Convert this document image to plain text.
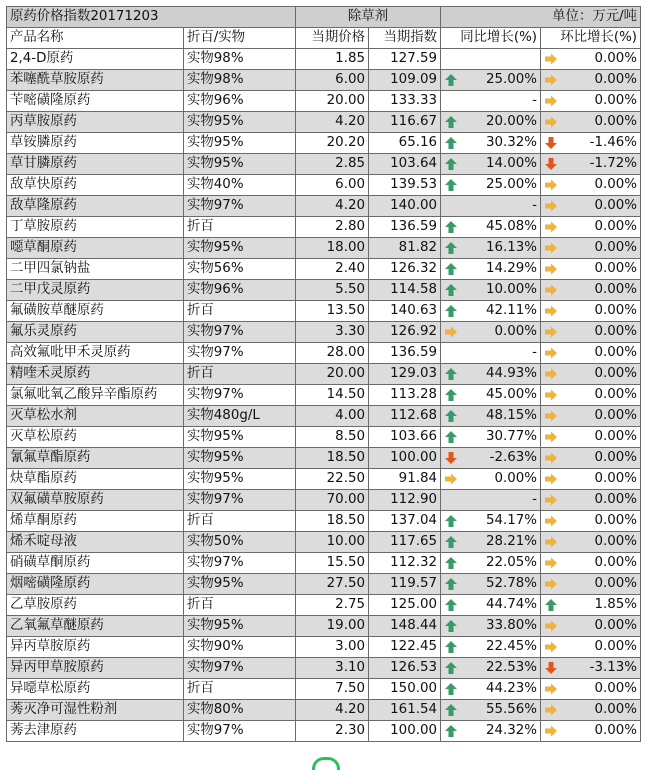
原药价格指数20171203		除草剂		单位：万元/吨	
产品名称	折百/实物	当期价格	当期指数	同比增长(%)	环比增长(%)
2,4-D原药	实物98%	1.85	127.59		0.00%
苯噻酰草胺原药	实物98%	6.00	109.09	25.00%	0.00%
苄嘧磺隆原药	实物96%	20.00	133.33	-	0.00%
丙草胺原药	实物95%	4.20	116.67	20.00%	0.00%
草铵膦原药	实物95%	20.20	65.16	30.32%	-1.46%
草甘膦原药	实物95%	2.85	103.64	14.00%	-1.72%
敌草快原药	实物40%	6.00	139.53	25.00%	0.00%
敌草隆原药	实物97%	4.20	140.00	-	0.00%
丁草胺原药	折百	2.80	136.59	45.08%	0.00%
噁草酮原药	实物95%	18.00	81.82	16.13%	0.00%
二甲四氯钠盐	实物56%	2.40	126.32	14.29%	0.00%
二甲戊灵原药	实物96%	5.50	114.58	10.00%	0.00%
氟磺胺草醚原药	折百	13.50	140.63	42.11%	0.00%
氟乐灵原药	实物97%	3.30	126.92	0.00%	0.00%
高效氟吡甲禾灵原药	实物97%	28.00	136.59	-	0.00%
精喹禾灵原药	折百	20.00	129.03	44.93%	0.00%
氯氟吡氧乙酸异辛酯原药	实物97%	14.50	113.28	45.00%	0.00%
灭草松水剂	实物480g/L	4.00	112.68	48.15%	0.00%
灭草松原药	实物95%	8.50	103.66	30.77%	0.00%
氰氟草酯原药	实物95%	18.50	100.00	-2.63%	0.00%
炔草酯原药	实物95%	22.50	91.84	0.00%	0.00%
双氟磺草胺原药	实物97%	70.00	112.90	-	0.00%
烯草酮原药	折百	18.50	137.04	54.17%	0.00%
烯禾啶母液	实物50%	10.00	117.65	28.21%	0.00%
硝磺草酮原药	实物97%	15.50	112.32	22.05%	0.00%
烟嘧磺隆原药	实物95%	27.50	119.57	52.78%	0.00%
乙草胺原药	折百	2.75	125.00	44.74%	1.85%
乙氧氟草醚原药	实物95%	19.00	148.44	33.80%	0.00%
异丙草胺原药	实物90%	3.00	122.45	22.45%	0.00%
异丙甲草胺原药	实物97%	3.10	126.53	22.53%	-3.13%
异噁草松原药	折百	7.50	150.00	44.23%	0.00%
莠灭净可湿性粉剂	实物80%	4.20	161.54	55.56%	0.00%
莠去津原药	实物97%	2.30	100.00	24.32%	0.00%
